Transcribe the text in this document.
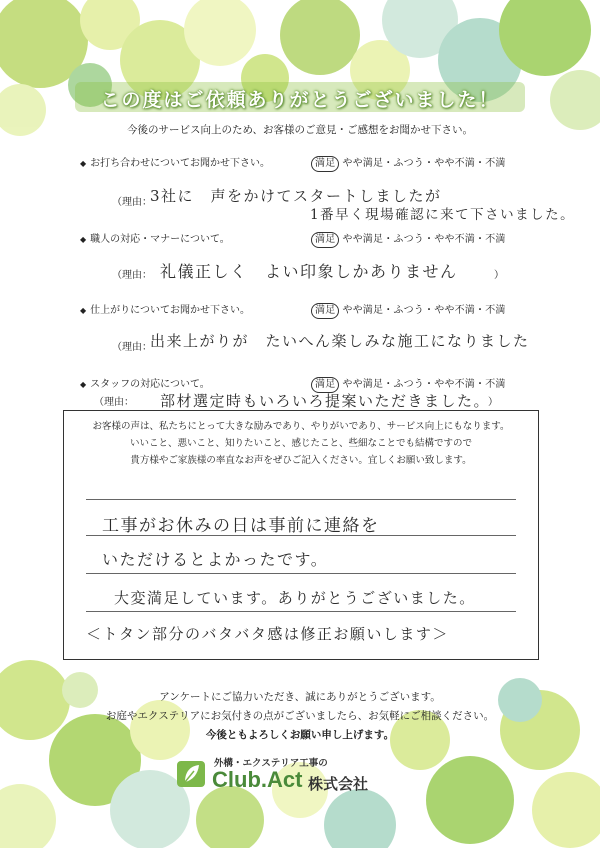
この度はご依頼ありがとうございました！
今後のサービス向上のため、お客様のご意見・ご感想をお聞かせ下さい。
◆ お打ち合わせについてお聞かせ下さい。	満足 やや満足・ふつう・やや不満・不満
（理由：
3社に　声をかけてスタートしましたが
1番早く現場確認に来て下さいました。
◆ 職人の対応・マナーについて。	満足 やや満足・ふつう・やや不満・不満
（理由： 礼儀正しく　よい印象しかありません	）
◆ 仕上がりについてお聞かせ下さい。	満足 やや満足・ふつう・やや不満・不満
（理由：
出来上がりが　たいへん楽しみな施工になりました
◆ スタッフの対応について。	満足 やや満足・ふつう・やや不満・不満
（理由： 部材選定時もいろいろ提案いただきました。
）
お客様の声は、私たちにとって大きな励みであり、やりがいであり、サービス向上にもなります。
いいこと、悪いこと、知りたいこと、感じたこと、些細なことでも結構ですので
貴方様やご家族様の率直なお声をぜひご記入ください。宜しくお願い致します。
工事がお休みの日は事前に連絡を
いただけるとよかったです。
大変満足しています。ありがとうございました。
＜トタン部分のバタバタ感は修正お願いします＞
アンケートにご協力いただき、誠にありがとうございます。
お庭やエクステリアにお気付きの点がございましたら、お気軽にご相談ください。
今後ともよろしくお願い申し上げます。
外構・エクステリア工事の
Club.Act 株式会社
